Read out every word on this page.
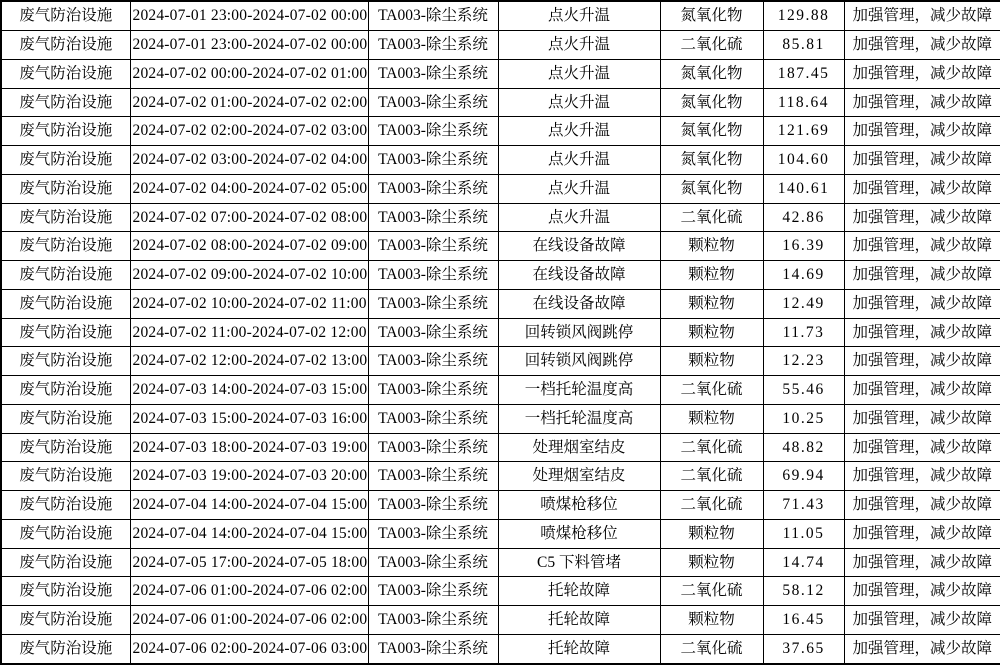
废气防治设施	2024-07-01 23:00-2024-07-02 00:00	TA003-除尘系统	点火升温	氮氧化物	129.88	加强管理，减少故障
废气防治设施	2024-07-01 23:00-2024-07-02 00:00	TA003-除尘系统	点火升温	二氧化硫	85.81	加强管理，减少故障
废气防治设施	2024-07-02 00:00-2024-07-02 01:00	TA003-除尘系统	点火升温	氮氧化物	187.45	加强管理，减少故障
废气防治设施	2024-07-02 01:00-2024-07-02 02:00	TA003-除尘系统	点火升温	氮氧化物	118.64	加强管理，减少故障
废气防治设施	2024-07-02 02:00-2024-07-02 03:00	TA003-除尘系统	点火升温	氮氧化物	121.69	加强管理，减少故障
废气防治设施	2024-07-02 03:00-2024-07-02 04:00	TA003-除尘系统	点火升温	氮氧化物	104.60	加强管理，减少故障
废气防治设施	2024-07-02 04:00-2024-07-02 05:00	TA003-除尘系统	点火升温	氮氧化物	140.61	加强管理，减少故障
废气防治设施	2024-07-02 07:00-2024-07-02 08:00	TA003-除尘系统	点火升温	二氧化硫	42.86	加强管理，减少故障
废气防治设施	2024-07-02 08:00-2024-07-02 09:00	TA003-除尘系统	在线设备故障	颗粒物	16.39	加强管理，减少故障
废气防治设施	2024-07-02 09:00-2024-07-02 10:00	TA003-除尘系统	在线设备故障	颗粒物	14.69	加强管理，减少故障
废气防治设施	2024-07-02 10:00-2024-07-02 11:00	TA003-除尘系统	在线设备故障	颗粒物	12.49	加强管理，减少故障
废气防治设施	2024-07-02 11:00-2024-07-02 12:00	TA003-除尘系统	回转锁风阀跳停	颗粒物	11.73	加强管理，减少故障
废气防治设施	2024-07-02 12:00-2024-07-02 13:00	TA003-除尘系统	回转锁风阀跳停	颗粒物	12.23	加强管理，减少故障
废气防治设施	2024-07-03 14:00-2024-07-03 15:00	TA003-除尘系统	一档托轮温度高	二氧化硫	55.46	加强管理，减少故障
废气防治设施	2024-07-03 15:00-2024-07-03 16:00	TA003-除尘系统	一档托轮温度高	颗粒物	10.25	加强管理，减少故障
废气防治设施	2024-07-03 18:00-2024-07-03 19:00	TA003-除尘系统	处理烟室结皮	二氧化硫	48.82	加强管理，减少故障
废气防治设施	2024-07-03 19:00-2024-07-03 20:00	TA003-除尘系统	处理烟室结皮	二氧化硫	69.94	加强管理，减少故障
废气防治设施	2024-07-04 14:00-2024-07-04 15:00	TA003-除尘系统	喷煤枪移位	二氧化硫	71.43	加强管理，减少故障
废气防治设施	2024-07-04 14:00-2024-07-04 15:00	TA003-除尘系统	喷煤枪移位	颗粒物	11.05	加强管理，减少故障
废气防治设施	2024-07-05 17:00-2024-07-05 18:00	TA003-除尘系统	C5 下料管堵	颗粒物	14.74	加强管理，减少故障
废气防治设施	2024-07-06 01:00-2024-07-06 02:00	TA003-除尘系统	托轮故障	二氧化硫	58.12	加强管理，减少故障
废气防治设施	2024-07-06 01:00-2024-07-06 02:00	TA003-除尘系统	托轮故障	颗粒物	16.45	加强管理，减少故障
废气防治设施	2024-07-06 02:00-2024-07-06 03:00	TA003-除尘系统	托轮故障	二氧化硫	37.65	加强管理，减少故障
